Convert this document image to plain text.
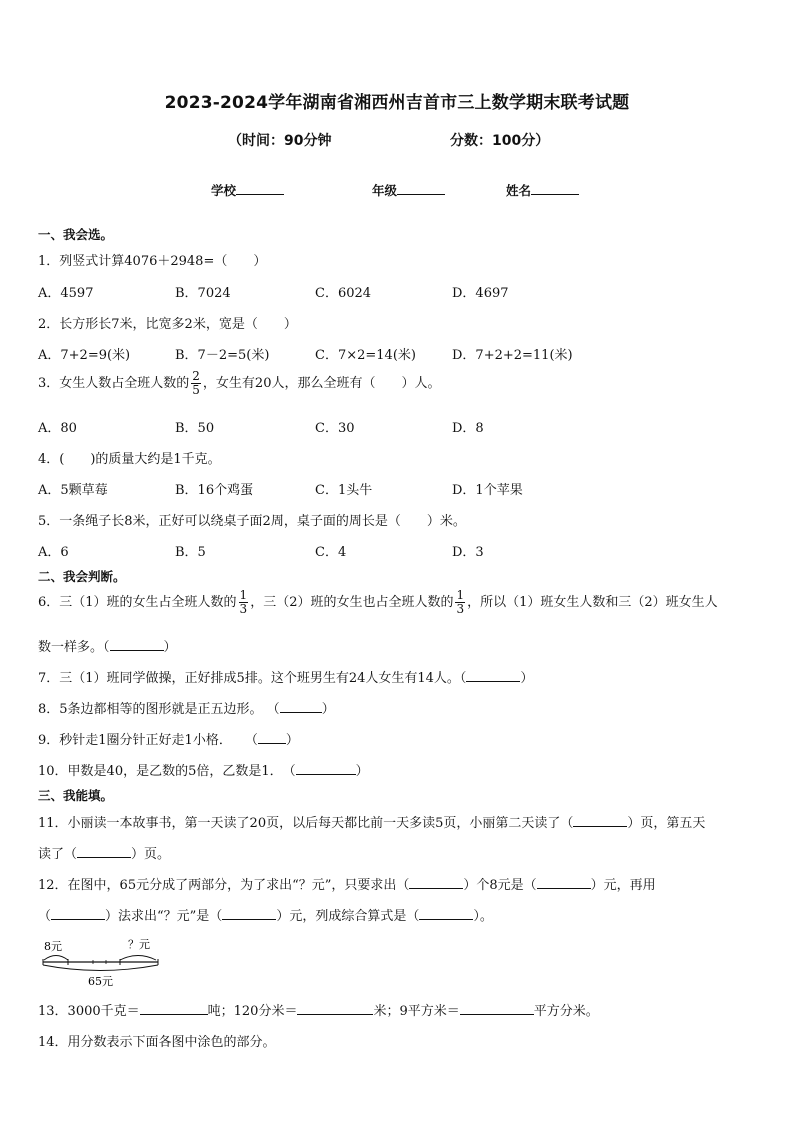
2023-2024学年湖南省湘西州吉首市三上数学期末联考试题
（时间：90分钟	分数：100分）
学校	年级	姓名
一、我会选。
1．列竖式计算4076＋2948=（　　）
A．4597	B．7024	C．6024	D．4697
2．长方形长7米，比宽多2米，宽是（　　）
A．7+2=9(米)	B．7－2=5(米)	C．7×2=14(米)	D．7+2+2=11(米)
3．女生人数占全班人数的 $\frac{2}{5}$ ，女生有20人，那么全班有（　　）人。
A．80	B．50	C．30	D．8
4．(　　)的质量大约是1千克。
A．5颗草莓	B．16个鸡蛋	C．1头牛	D．1个苹果
5．一条绳子长8米，正好可以绕桌子面2周，桌子面的周长是（　　）米。
A．6	B．5	C．4	D．3
二、我会判断。
6．三（1）班的女生占全班人数的 $\frac{1}{3}$ ，三（2）班的女生也占全班人数的 $\frac{1}{3}$ ，所以（1）班女生人数和三（2）班女生人
数一样多。（	）
7．三（1）班同学做操，正好排成5排。这个班男生有24人女生有14人。（	）
8．5条边都相等的图形就是正五边形。 （	）
9．秒针走1圈分针正好走1小格．　　（ ）
10．甲数是40，是乙数的5倍，乙数是1．　（	）
三、我能填。
11．小丽读一本故事书，第一天读了20页，以后每天都比前一天多读5页，小丽第二天读了（	）页，第五天
读了（	）页。
12．在图中，65元分成了两部分，为了求出“？元”，只要求出（	）个8元是（	）元，再用
（	）法求出“？元”是（	）元，列成综合算式是（	）。
8元	？元
65元
13．3000千克＝	吨；120分米＝	米；9平方米＝	平方分米。
14．用分数表示下面各图中涂色的部分。
